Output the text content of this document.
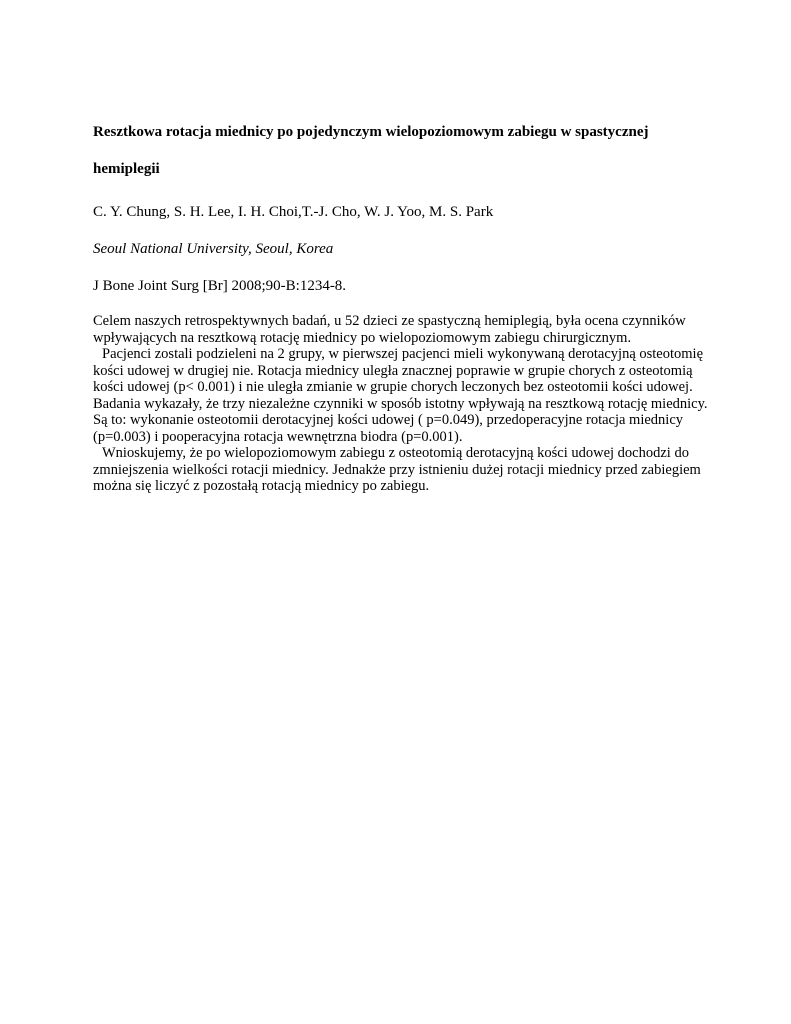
Resztkowa rotacja miednicy po pojedynczym wielopoziomowym zabiegu w spastycznej hemiplegii
C. Y. Chung, S. H. Lee, I. H. Choi,T.-J. Cho, W. J. Yoo, M. S. Park
Seoul National University, Seoul, Korea
J Bone Joint Surg [Br] 2008;90-B:1234-8.

Celem naszych retrospektywnych badań, u 52 dzieci ze spastyczną hemiplegią, była ocena czynników wpływających na resztkową rotację miednicy po wielopoziomowym zabiegu chirurgicznym.

Pacjenci zostali podzieleni na 2 grupy, w pierwszej pacjenci mieli wykonywaną derotacyjną osteotomię kości udowej w drugiej nie. Rotacja miednicy uległa znacznej poprawie w grupie chorych z osteotomią kości udowej (p< 0.001) i nie uległa zmianie w grupie chorych leczonych bez osteotomii kości udowej. Badania wykazały, że trzy niezależne czynniki w sposób istotny wpływają na resztkową rotację miednicy. Są to: wykonanie osteotomii derotacyjnej kości udowej ( p=0.049), przedoperacyjne rotacja miednicy (p=0.003) i pooperacyjna rotacja wewnętrzna biodra (p=0.001).

Wnioskujemy, że po wielopoziomowym zabiegu z osteotomią derotacyjną kości udowej dochodzi do zmniejszenia wielkości rotacji miednicy. Jednakże przy istnieniu dużej rotacji miednicy przed zabiegiem można się liczyć z pozostałą rotacją miednicy po zabiegu.
